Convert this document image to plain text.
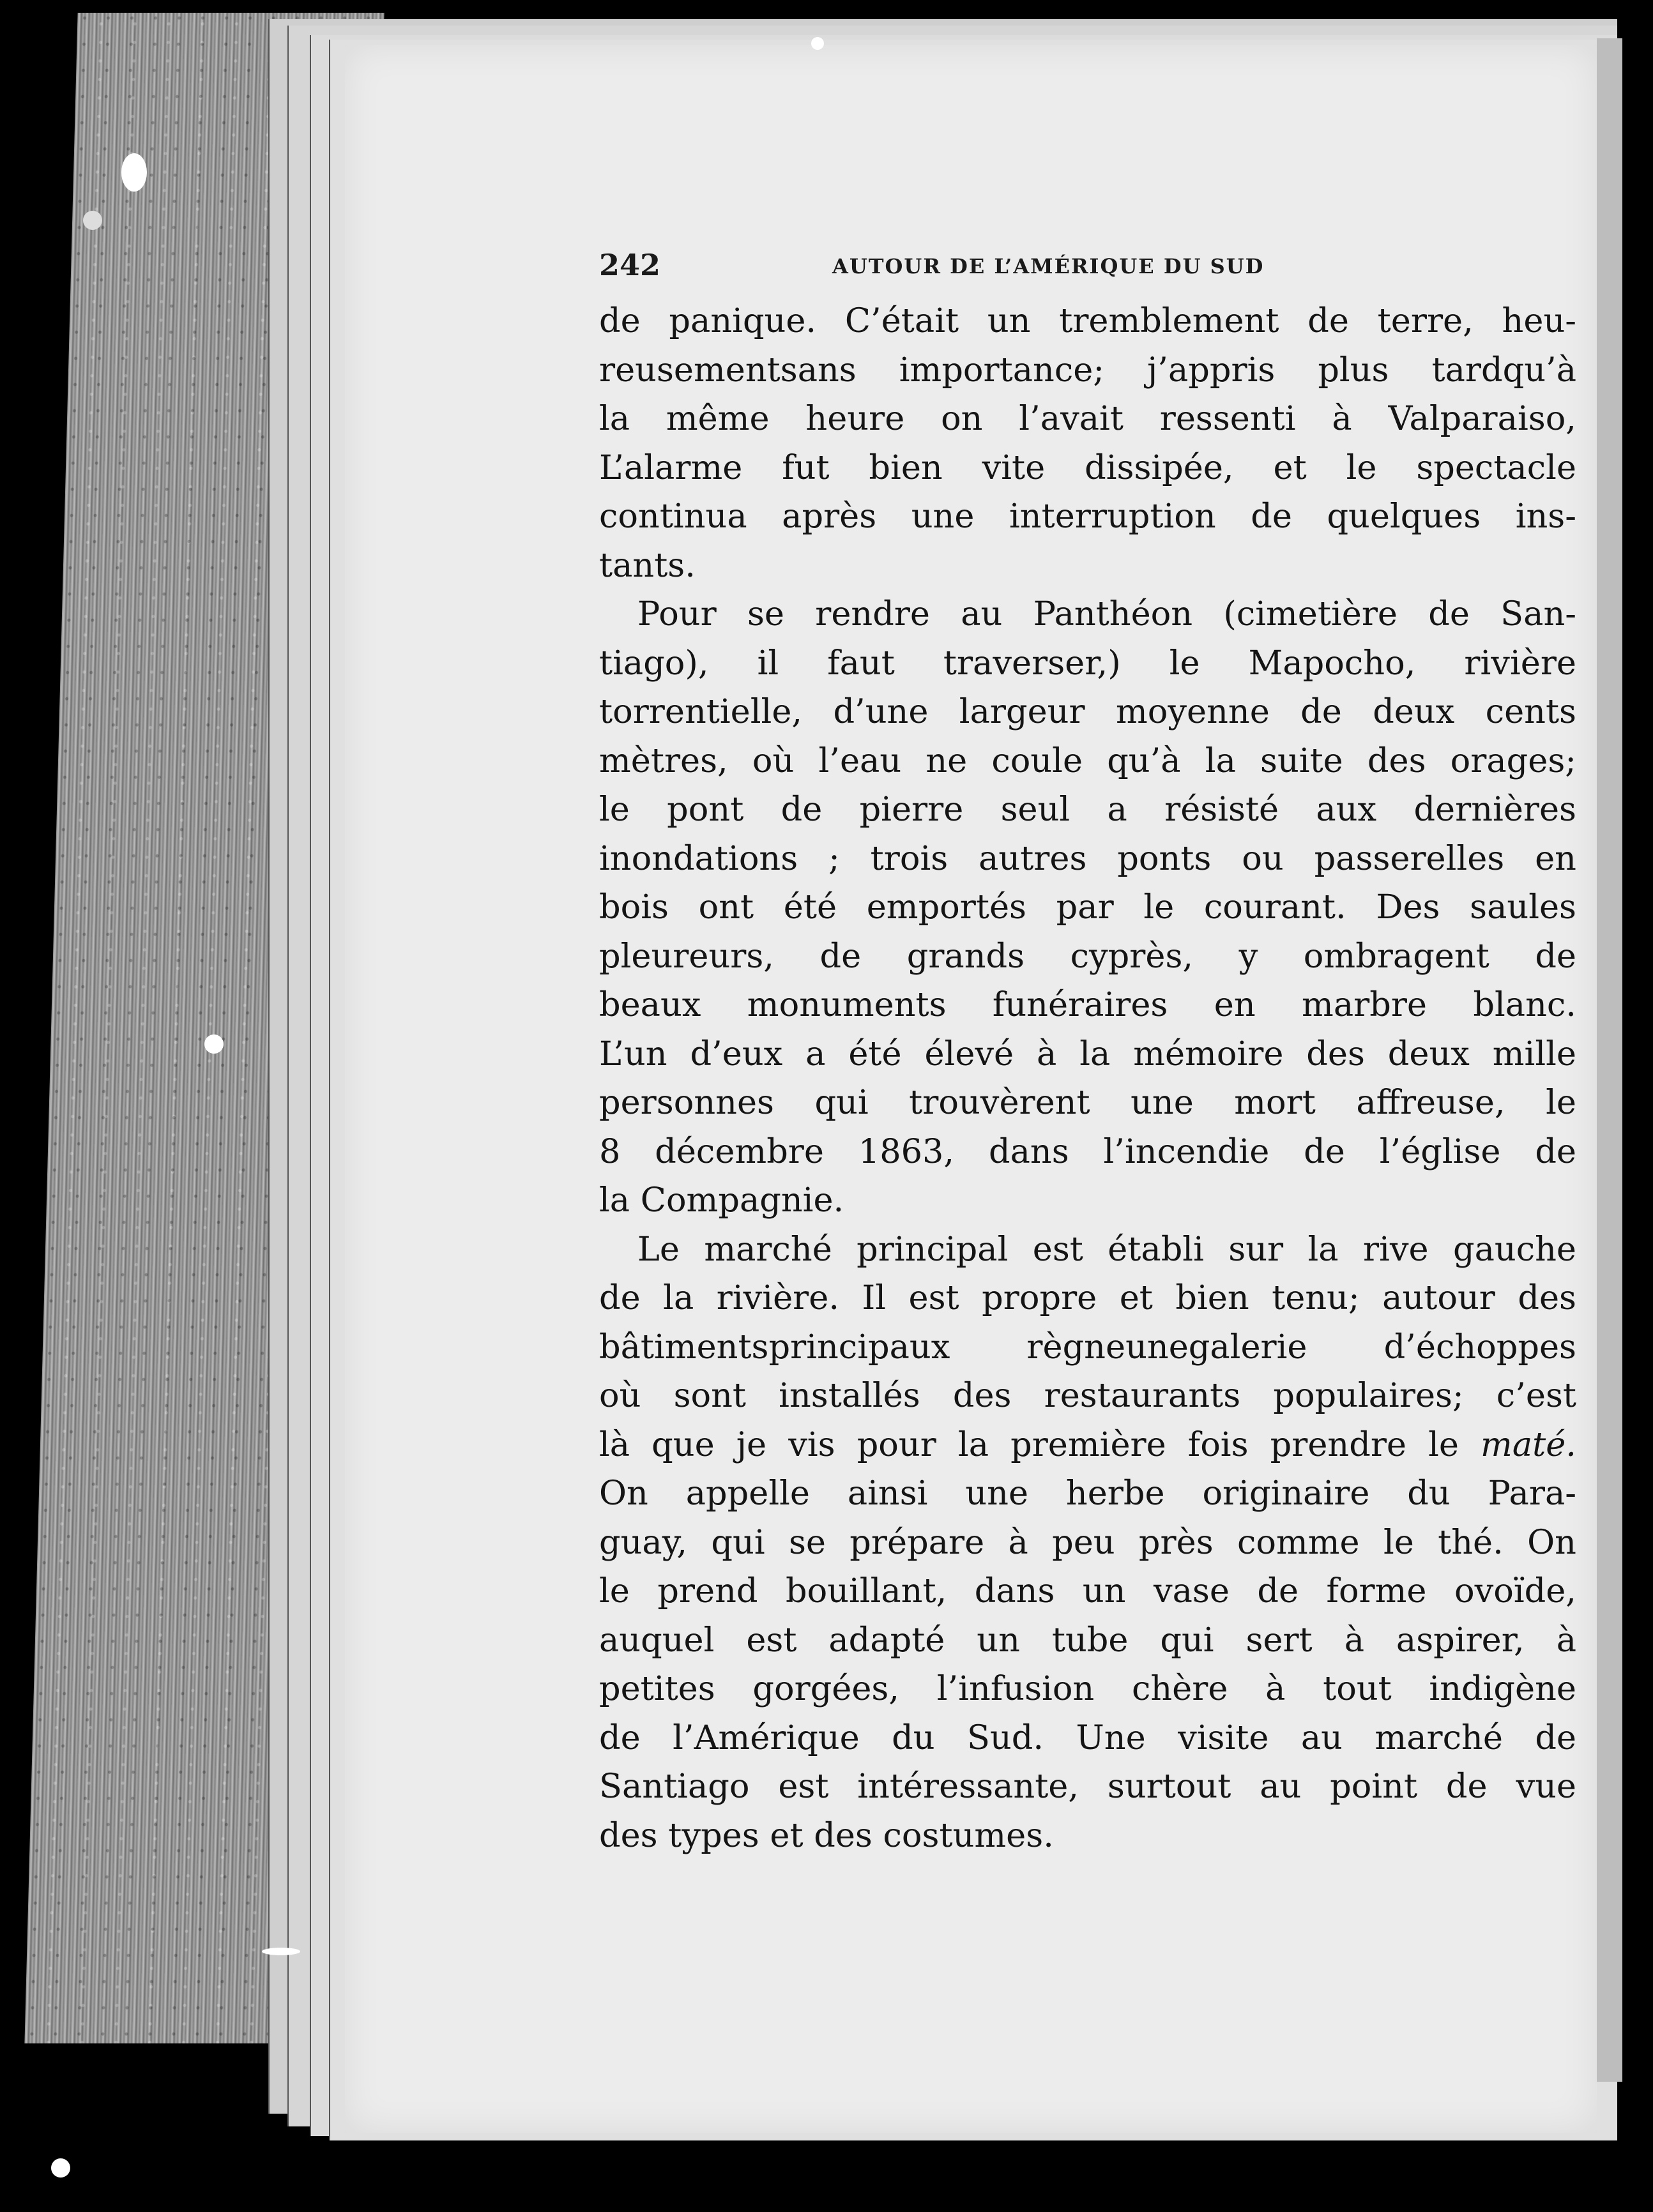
242	AUTOUR DE L’AMÉRIQUE DU SUD
de panique. C’était un tremblement de terre, heu-
reusementsans importance; j’appris plus tardqu’à
la même heure on l’avait ressenti à Valparaiso,
L’alarme fut bien vite dissipée, et le spectacle
continua après une interruption de quelques ins-
tants.
Pour se rendre au Panthéon (cimetière de San-
tiago), il faut traverser,) le Mapocho, rivière
torrentielle, d’une largeur moyenne de deux cents
mètres, où l’eau ne coule qu’à la suite des orages;
le pont de pierre seul a résisté aux dernières
inondations ; trois autres ponts ou passerelles en
bois ont été emportés par le courant. Des saules
pleureurs, de grands cyprès, y ombragent de
beaux monuments funéraires en marbre blanc.
L’un d’eux a été élevé à la mémoire des deux mille
personnes qui trouvèrent une mort affreuse, le
8 décembre 1863, dans l’incendie de l’église de
la Compagnie.
Le marché principal est établi sur la rive gauche
de la rivière. Il est propre et bien tenu; autour des
bâtimentsprincipaux règneunegalerie d’échoppes
où sont installés des restaurants populaires; c’est
là que je vis pour la première fois prendre le maté.
On appelle ainsi une herbe originaire du Para-
guay, qui se prépare à peu près comme le thé. On
le prend bouillant, dans un vase de forme ovoïde,
auquel est adapté un tube qui sert à aspirer, à
petites gorgées, l’infusion chère à tout indigène
de l’Amérique du Sud. Une visite au marché de
Santiago est intéressante, surtout au point de vue
des types et des costumes.
